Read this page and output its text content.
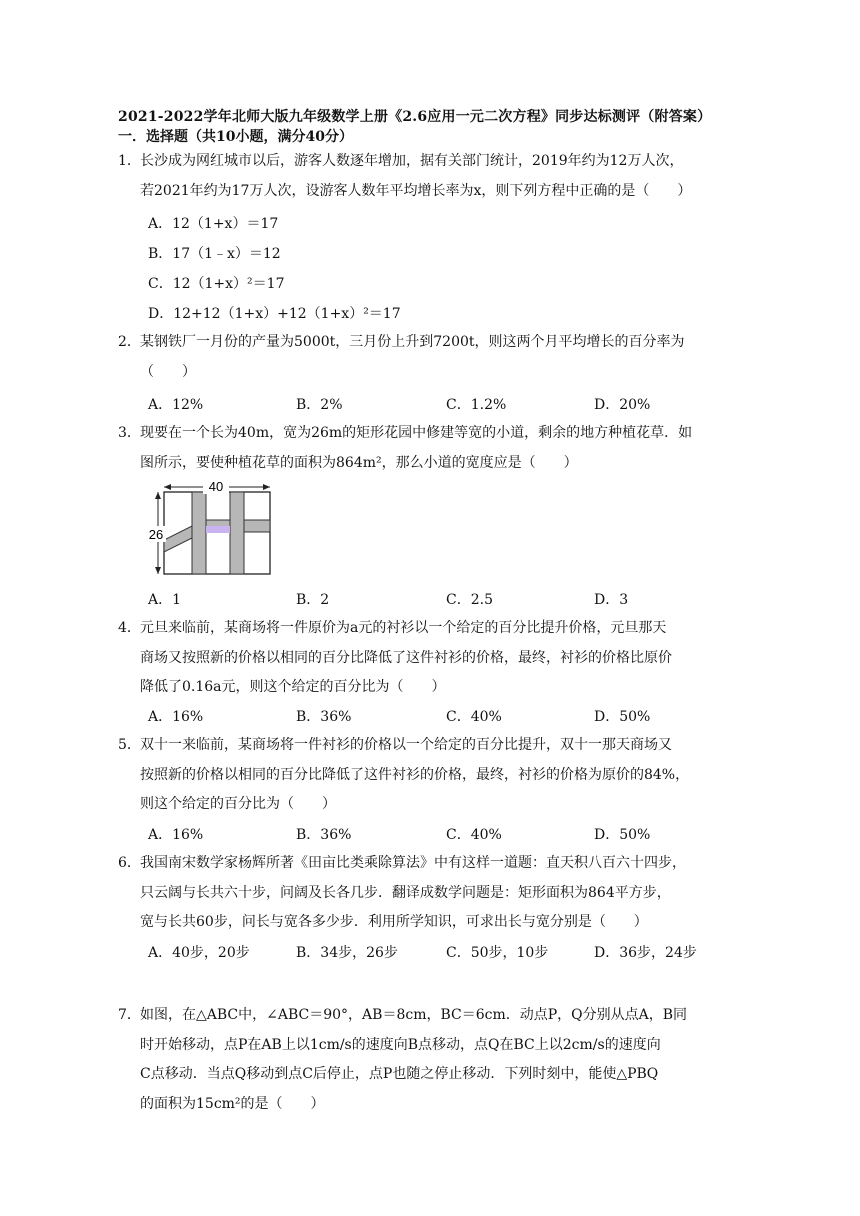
2021-2022学年北师大版九年级数学上册《2.6应用一元二次方程》同步达标测评（附答案）
一．选择题（共10小题，满分40分）
1． 长沙成为网红城市以后，游客人数逐年增加，据有关部门统计，2019年约为12万人次，
若2021年约为17万人次，设游客人数年平均增长率为x，则下列方程中正确的是（　　）
A．12（1+x）＝17
B．17（1﹣x）＝12
C．12（1+x）²＝17
D．12+12（1+x）+12（1+x）²＝17
2． 某钢铁厂一月份的产量为5000t，三月份上升到7200t，则这两个月平均增长的百分率为
（　　）
A．12%	B．2%	C．1.2%	D．20%
3． 现要在一个长为40m，宽为26m的矩形花园中修建等宽的小道，剩余的地方种植花草．如
图所示，要使种植花草的面积为864m²，那么小道的宽度应是（　　）
40
26
A．1	B．2	C．2.5	D．3
4． 元旦来临前，某商场将一件原价为a元的衬衫以一个给定的百分比提升价格，元旦那天
商场又按照新的价格以相同的百分比降低了这件衬衫的价格，最终，衬衫的价格比原价
降低了0.16a元，则这个给定的百分比为（　　）
A．16%	B．36%	C．40%	D．50%
5． 双十一来临前，某商场将一件衬衫的价格以一个给定的百分比提升，双十一那天商场又
按照新的价格以相同的百分比降低了这件衬衫的价格，最终，衬衫的价格为原价的84%，
则这个给定的百分比为（　　）
A．16%	B．36%	C．40%	D．50%
6． 我国南宋数学家杨辉所著《田亩比类乘除算法》中有这样一道题：直天积八百六十四步，
只云阔与长共六十步，问阔及长各几步．翻译成数学问题是：矩形面积为864平方步，
宽与长共60步，问长与宽各多少步．利用所学知识，可求出长与宽分别是（　　）
A．40步，20步	B．34步，26步	C．50步，10步	D．36步，24步
7． 如图，在△ABC中，∠ABC＝90°，AB＝8cm，BC＝6cm．动点P，Q分别从点A，B同
时开始移动，点P在AB上以1cm/s的速度向B点移动，点Q在BC上以2cm/s的速度向
C点移动．当点Q移动到点C后停止，点P也随之停止移动．下列时刻中，能使△PBQ
的面积为15cm²的是（　　）
